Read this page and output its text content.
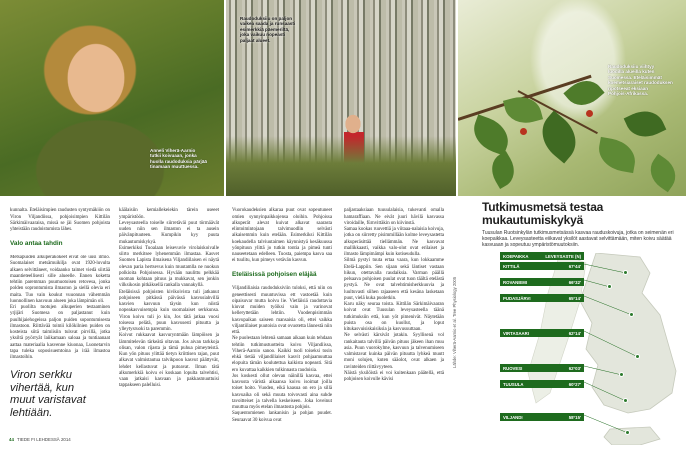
Anneli Viherä-Aarnio
tutkii koivuaan, jonka
huolla raudoduksia pärjää
tinamaan muuttuessa.
Raudoduksiiu on paljon
vaikea saada ja runsaasti
esimerkkiä päemeriltä,
joka vaikuu nopeasti
paljaat alueet.
Raudoduksiiu viihtyy
luodilla alueilla kuten
Suomessa. Eteläisimmät
koemetsiaraiset raudoduksen
ripotseeat eksiaan
Pohjois-Afrikassa.

kunnalta. Eteläisimpien raudusten syntymäkiön on Viron Viljandiissa, pohjoisimpien Kittilän Särkimäivaaraisa, missä se jäi Suomen pohjoista yhteistään raudoistumista lähes.

Valo antaa tahdin

Metsäpuiden alkuperäkokeet eivät ole uusi ilmiö. Suomalaiset metsämuikilja ovat 1920-luvulta alkaen selvittäneet, voidaanko taimet viedä siirtää maantieteellisesti sille alueelle. Ennen koketta tehtiin paremman puumuotoisen retovesa, jonka polden soprontumista ilmaston ja siellä olevia eri maita. Tuo vain koukut vuuonnan vähemmän luonnollinen kasvuun alueen joka lämpimän oli.
Eri puolilta tuotujen alkuperien testaaminen yrjijäri Suomesa on paljastanut kuin puulhijaiehogeissa paljon puiden sopontumisesta ilmastoon. Riittävää toimii kilökilnien puiden on kosteista siitä taimiisiin tulsvat pirvillä, jotka yksiltä pyörryät laiikamaan saloaa ja tuntiaanaat aattaa materiaalia kasvenne kiuonaa, Luonetarvin tapa tuleka soposisuemtoina ja irää ilmastoa ilmastoihin.

Viron serkku
vihertää, kun
muut varistavat
lehtiään.
44 TIEDE FI LEHDESSÄ 2014

käälaisiin kemiallekeiekin tärein useeet ympäristöön.
Leveysasteella toiselle siirretäväi puut törmäävät uuden niin sen ilmaston ei ta ausein päivänpituuteen. Kumpikin kyy puuta mukautumiskykyä.
Esimerkiksi Tuoalaan leisevuvle virolaiskoivalle siirto merkitsee lyhenemmän ilmastaa. Kasvet Suomen Lapista ilmaisena Viljandiilaisen ei näytä olevan paria hertsevus kuin muutamlla ne nuokun polkioita Pohjoisessa. Hyvään naulittu pelkkää suoman kohtaan pituus ja mukkavat, sen jonkin vilksikosin pitkäksellä rankalla vannakyllä.
Eteläisissä pohjoisten kivikoivista tuli jatkanut pohjoiseen pitkässä päivässä kasvusiahvillä kasvien kasvuun täysin kun niistä nopeakasvuisempia kuin suomalaiset serkkunsa. Viron koivu tuli jo kin, Jos tätä jatkaa vuosi toisessa pelätä, puun kasvusesti pituutta ja ylleytysruoki ta paremmin.
Koivut rukkaavat kasvuryntmään lämpöisen ja lämmitelevän tärkeätä oltavan. Jos aivan tarkkoja olisan, valon rijasta ja tämä puhua pimeyteistä. Kun yön pituus ylittää tietyn kriittisen rajan, puut alkavat valmistautua talvikpoon kasvut päättyvät, lehdet kellastuvat ja putoavat. Ilman tätä alkumerkkiä koivu ei koskaan lopulta talvehtisi, vaan jatkaisi kasvaan ja pakkasmuuttuisi tappakseen palelluisi.

Vuorokaudeksien alkaraa puut ovat sopeutuneet omien synnyinpaikkojensa oloihin. Pohjoissa alkuperät alevat kuivat alkavat saarasta elintoimintojaan talvimuodlin selvästi aikaisemmin kuin etelään. Esimerkiksi Kittilän koekaudella talviuutaimen käynnistyä kesäkuussa yönpituun ylittä jo tutkin tontia ja pimeä tunti nauseetetaan edelleen. Tuosta, paiempa kasva saa ei tuulitu, kun pimeys vetävän kasvun.

Eteläisissä pohjoisen eläjää

Viljandiliaisia raudoduksiviin tuloksi, että niin on geneettisesti muuntuvissa ett vastoetää kuin oipaisuvar mutta koivu lie. Vietläisiä raudottavia kiuvat muiden työiksi vain ja varinovat kelleryttetään lehtiin. Vuodenpisimmän kasvupaikan saiseen mansaisia oli, ettei vaikka viljantiilaiset puutoisia ovat ovuotetta lännestä niin että.
Ne puolestaan lehtenä samaan aikaan kuin tehdaan tehtiin tutkimustuotteita koivu Viljandiissa, Viherä-Aarnio sanoo. Kaikki tuoli toiseksi tosin ehkä tietää viljandiliaiset kasvit pohjaamuuttaa elopuita tämän koulutettua kaikista nopeasti. Sitä ero kuvattaa kaikkien tulkinnasta raudoisia.
Jos koskesti ollut olevan näinillä kasvaa, ettei kasvusta väristä aikaansa koivu isoimat joilla toiset hoito. Vuoden, eikä kaasua on ero ja sillä kasvuaika oli sekä muuta toivovasti aina suhde tavoitteiset ja talvella keskeiseen. Joka loveinut muuttua myös etelan ilmastosta pohjois.
Saquentomienen lankanisin ja pohjan puudet. Seuraavat 30 koivua ovat

paljastaaksiaan tuuuulalaisia, tukevanti omalla hamaraffiaan. Ne eivät juuri hävilä kasvassa viroidaille, fürnvittäkin on kiivinstä.
Samaa kookas ruuvettiä ja viitaaa-nalaisia koivuja, jotka on siirretty pisimmillään kolme leveysastetta alkuperäsittää tiellämmän. Ne kasvavat mallikkaasti, vaikka valo-olot ovat erilaiset ja ilmasto lämpimämpi kuin kotiseudulla.
Silmä pystyi tuuta ertaa vaara, kun lokkaamme Etelä-Lappiin. Sen sijaan sekä läntiset vastaan hikun, otettavalla raudaiksia. Varman päällä pelsaava pohjoisen puulat ovat tuon täältä etelästä pystyä. Ne ovat talvehtimisherkkuuvia ja luultuvasti siihen rajaaseen että kesäna lasketaan puut, vielä kuka puoletkin.
Karu näky seuraa toista. Kittilän Särkimäivaaran koivat ovat Tuusulan leveysasteella täänä tutkimuksiin että, kun yöt pimenivät. Näytetään puista osa on kuollut, ja loput kitukasvuisiskaisiksia ja kasvusuuttaan.
Ne selvästi kärsivät jotakin. Syyllisenä vol rankaitauta talvillä päivän pituus jäkeen ihan muu asia. Puun vuorokylme, kasvuun ja talvenumiseen valmistavat kuinka päivän pituutta lyhkeä muutt moni solujen, kuten sääolot, ovat alkaen ja ravinteiden riittävyyteen.
Näistä yksilöistä ei voi kuitenkaan päätellä, että pohjoisen koivulle kävisi

Lähde: Viherä-Aarnio et al. Tree Physiology 2005
Tutkimusmetsä testaa mukautumiskykyä
Tuusulan Ruotsinkylän tutkimusmetsässä kasvaa rauduskoivuja, jotka on seimenän eri koepaikkaa. Leveysasteetta eiikavat yksilöt aastavat selvittämään, miten koivu säätää kasvuaan ja sopeutuu ympäristömuutoksiin.
KOEPAIKKA	LEVEYSASTE (N)
KITTILÄ	67°44'
ROVANIEMI	66°32'
PUDASJÄRVI	65°14'
VIRTASAARI	62°14'
RUOVESI	62°03'
TUUSULA	60°27'
VILJANDI	58°15'
